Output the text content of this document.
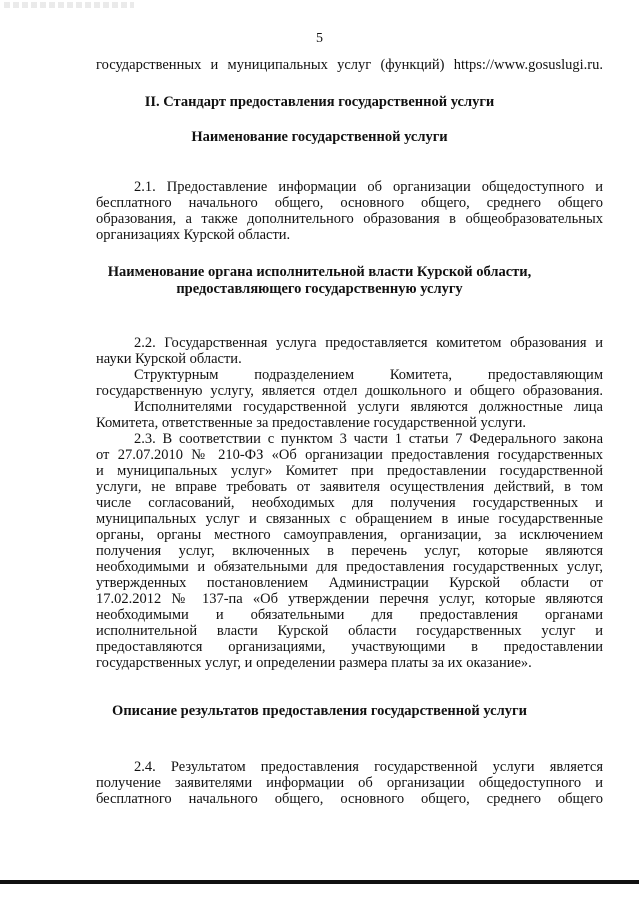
5
государственных и муниципальных услуг (функций) https://www.gosuslugi.ru.
II. Стандарт предоставления государственной услуги
Наименование государственной услуги
2.1. Предоставление информации об организации общедоступного и
бесплатного начального общего, основного общего, среднего общего
образования, а также дополнительного образования в общеобразовательных
организациях Курской области.
Наименование органа исполнительной власти Курской области,
предоставляющего государственную услугу
2.2. Государственная услуга предоставляется комитетом образования и
науки Курской области.
Структурным подразделением Комитета, предоставляющим
государственную услугу, является отдел дошкольного и общего образования.
Исполнителями государственной услуги являются должностные лица
Комитета, ответственные за предоставление государственной услуги.
2.3. В соответствии с пунктом 3 части 1 статьи 7 Федерального закона
от 27.07.2010 № 210-ФЗ «Об организации предоставления государственных
и муниципальных услуг» Комитет при предоставлении государственной
услуги, не вправе требовать от заявителя осуществления действий, в том
числе согласований, необходимых для получения государственных и
муниципальных услуг и связанных с обращением в иные государственные
органы, органы местного самоуправления, организации, за исключением
получения услуг, включенных в перечень услуг, которые являются
необходимыми и обязательными для предоставления государственных услуг,
утвержденных постановлением Администрации Курской области от
17.02.2012 № 137-па «Об утверждении перечня услуг, которые являются
необходимыми и обязательными для предоставления органами
исполнительной власти Курской области государственных услуг и
предоставляются организациями, участвующими в предоставлении
государственных услуг, и определении размера платы за их оказание».
Описание результатов предоставления государственной услуги
2.4. Результатом предоставления государственной услуги является
получение заявителями информации об организации общедоступного и
бесплатного начального общего, основного общего, среднего общего
